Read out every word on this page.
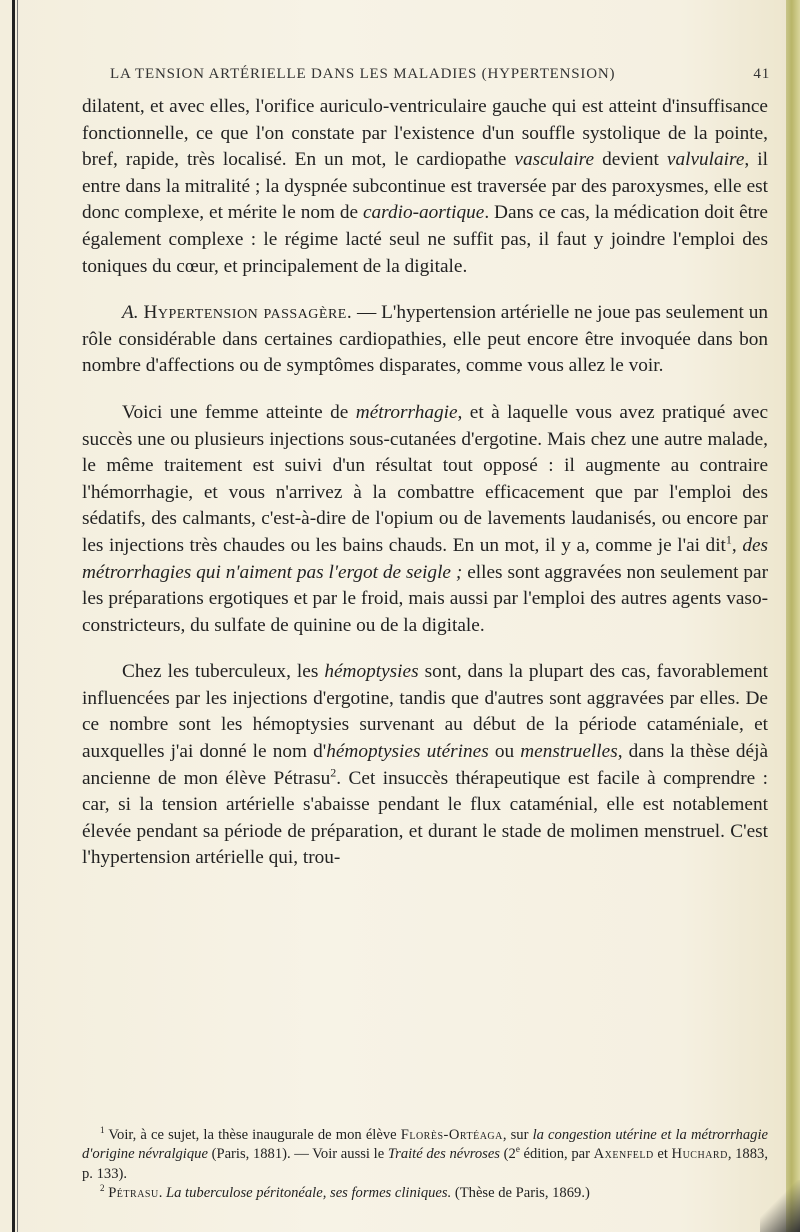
LA TENSION ARTÉRIELLE DANS LES MALADIES (HYPERTENSION)	41

dilatent, et avec elles, l'orifice auriculo-ventriculaire gauche qui est atteint d'insuffisance fonctionnelle, ce que l'on constate par l'existence d'un souffle systolique de la pointe, bref, rapide, très localisé. En un mot, le cardiopathe vasculaire devient valvulaire, il entre dans la mitralité ; la dyspnée subcontinue est traversée par des paroxysmes, elle est donc complexe, et mérite le nom de cardio-aortique. Dans ce cas, la médication doit être également complexe : le régime lacté seul ne suffit pas, il faut y joindre l'emploi des toniques du cœur, et principalement de la digitale.

A. Hypertension passagère. — L'hypertension artérielle ne joue pas seulement un rôle considérable dans certaines cardiopathies, elle peut encore être invoquée dans bon nombre d'affections ou de symptômes disparates, comme vous allez le voir.

Voici une femme atteinte de métrorrhagie, et à laquelle vous avez pratiqué avec succès une ou plusieurs injections sous-cutanées d'ergotine. Mais chez une autre malade, le même traitement est suivi d'un résultat tout opposé : il augmente au contraire l'hémorrhagie, et vous n'arrivez à la combattre efficacement que par l'emploi des sédatifs, des calmants, c'est-à-dire de l'opium ou de lavements laudanisés, ou encore par les injections très chaudes ou les bains chauds. En un mot, il y a, comme je l'ai dit$^1$, des métrorrhagies qui n'aiment pas l'ergot de seigle ; elles sont aggravées non seulement par les préparations ergotiques et par le froid, mais aussi par l'emploi des autres agents vaso-constricteurs, du sulfate de quinine ou de la digitale.

Chez les tuberculeux, les hémoptysies sont, dans la plupart des cas, favorablement influencées par les injections d'ergotine, tandis que d'autres sont aggravées par elles. De ce nombre sont les hémoptysies survenant au début de la période cataméniale, et auxquelles j'ai donné le nom d'hémoptysies utérines ou menstruelles, dans la thèse déjà ancienne de mon élève Pétrasu$^2$. Cet insuccès thérapeutique est facile à comprendre : car, si la tension artérielle s'abaisse pendant le flux cataménial, elle est notablement élevée pendant sa période de préparation, et durant le stade de molimen menstruel. C'est l'hypertension artérielle qui, trou-

$^1$ Voir, à ce sujet, la thèse inaugurale de mon élève Florès-Ortéaga, sur la congestion utérine et la métrorrhagie d'origine névralgique (Paris, 1881). — Voir aussi le Traité des névroses (2e édition, par Axenfeld et Huchard, 1883, p. 133).

$^2$ Pétrasu. La tuberculose péritonéale, ses formes cliniques. (Thèse de Paris, 1869.)
